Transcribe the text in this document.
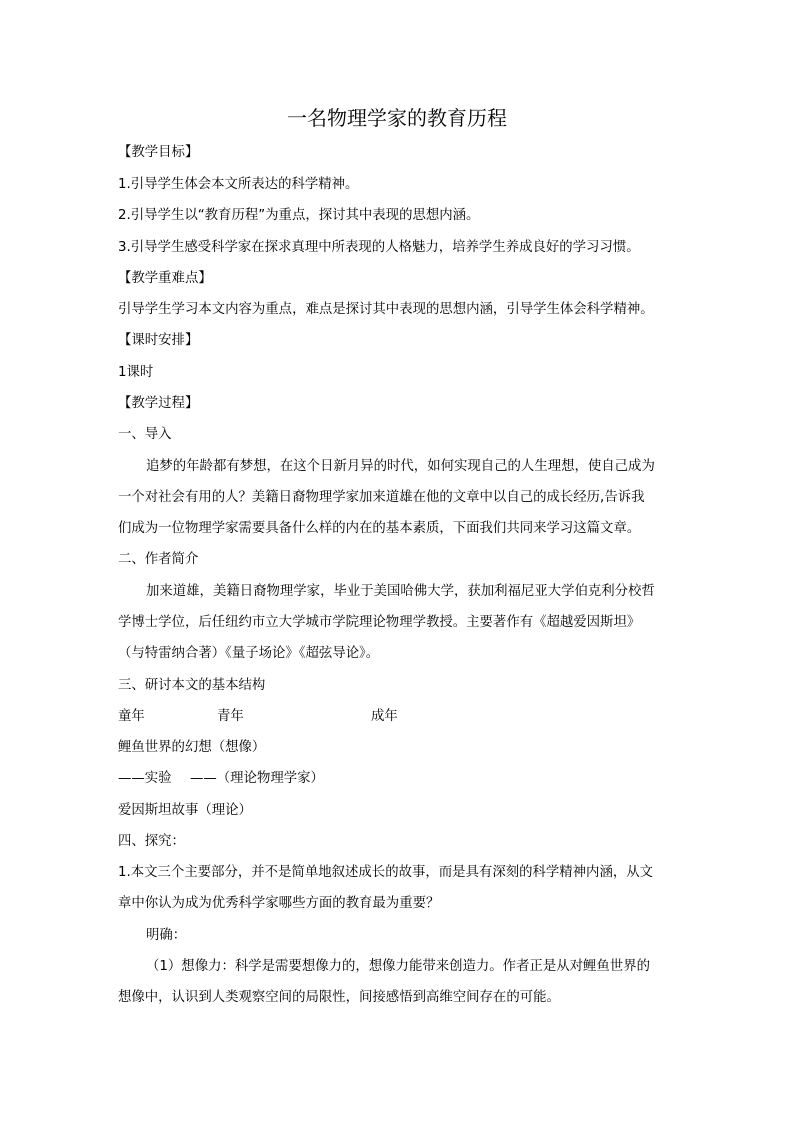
一名物理学家的教育历程
【教学目标】
1.引导学生体会本文所表达的科学精神。
2.引导学生以“教育历程”为重点，探讨其中表现的思想内涵。
3.引导学生感受科学家在探求真理中所表现的人格魅力，培养学生养成良好的学习习惯。
【教学重难点】
引导学生学习本文内容为重点，难点是探讨其中表现的思想内涵，引导学生体会科学精神。
【课时安排】
1课时
【教学过程】
一、导入
追梦的年龄都有梦想，在这个日新月异的时代，如何实现自己的人生理想，使自己成为
一个对社会有用的人？美籍日裔物理学家加来道雄在他的文章中以自己的成长经历,告诉我
们成为一位物理学家需要具备什么样的内在的基本素质，下面我们共同来学习这篇文章。
二、作者简介
加来道雄，美籍日裔物理学家，毕业于美国哈佛大学，获加利福尼亚大学伯克利分校哲
学博士学位，后任纽约市立大学城市学院理论物理学教授。主要著作有《超越爱因斯坦》
（与特雷纳合著）《量子场论》《超弦导论》。
三、研讨本文的基本结构
童年	青年	成年
鲤鱼世界的幻想（想像）
——实验 ——（理论物理学家）
爱因斯坦故事（理论）
四、探究：
1.本文三个主要部分，并不是简单地叙述成长的故事，而是具有深刻的科学精神内涵，从文
章中你认为成为优秀科学家哪些方面的教育最为重要？
明确：
（1）想像力：科学是需要想像力的，想像力能带来创造力。作者正是从对鲤鱼世界的
想像中，认识到人类观察空间的局限性，间接感悟到高维空间存在的可能。
